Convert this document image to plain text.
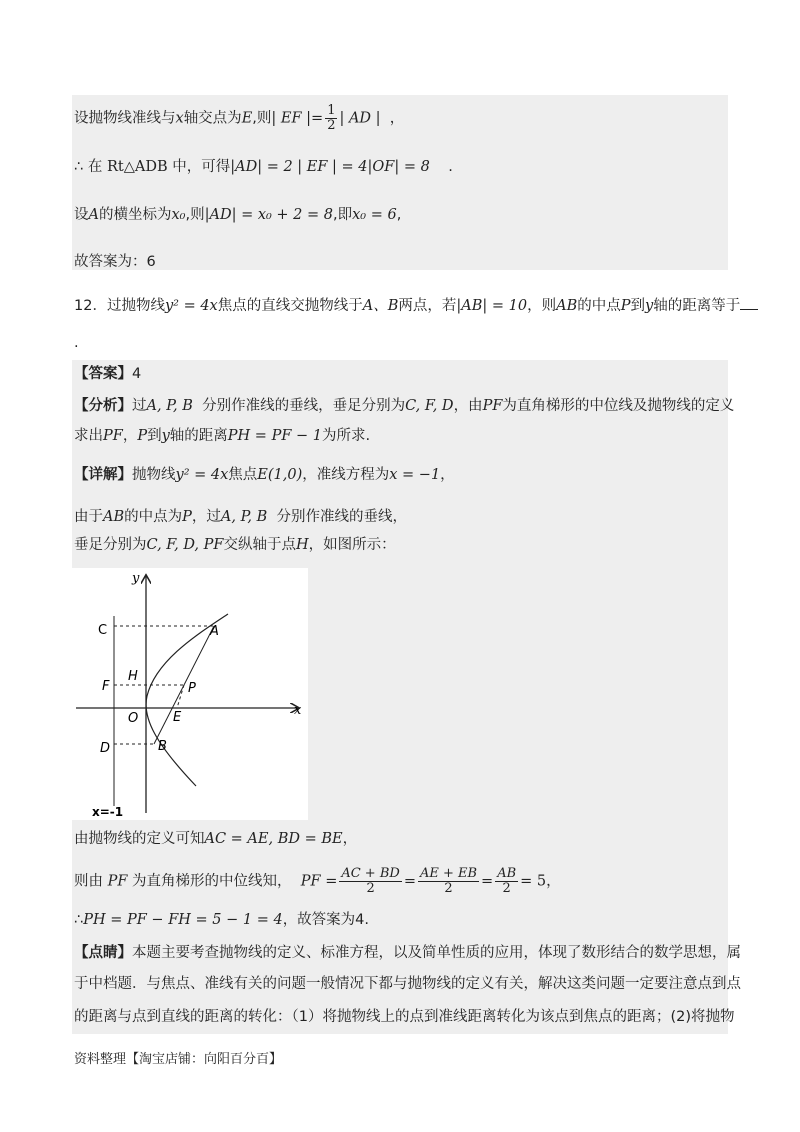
设抛物线准线与x轴交点为E,则| EF |= $\frac{1}{2}$ | AD | ，
∴ 在 Rt△ADB 中，可得|AD| = 2 | EF | = 4|OF| = 8 .
设A的横坐标为x₀,则|AD| = x₀ + 2 = 8,即x₀ = 6,
故答案为：6
12．过抛物线y² = 4x焦点的直线交抛物线于A、B两点，若|AB| = 10，则AB的中点P到y轴的距离等于
.
【答案】4
【分析】过A, P, B 分别作准线的垂线，垂足分别为C, F, D，由PF为直角梯形的中位线及抛物线的定义
求出PF，P到y轴的距离PH = PF − 1为所求.
【详解】抛物线y² = 4x焦点E(1,0)，准线方程为x = −1，
由于AB的中点为P，过A, P, B 分别作准线的垂线，
垂足分别为C, F, D, PF交纵轴于点H，如图所示：
y
x
C	A
H
F	P
O	E
D	B
x=-1
由抛物线的定义可知AC = AE, BD = BE，
则由 PF 为直角梯形的中位线知， PF = $\frac{AC + BD}{2} = \frac{AE + EB}{2} = \frac{AB}{2} = 5$，
∴PH = PF − FH = 5 − 1 = 4，故答案为4.
【点睛】本题主要考查抛物线的定义、标准方程，以及简单性质的应用，体现了数形结合的数学思想，属
于中档题．与焦点、准线有关的问题一般情况下都与抛物线的定义有关，解决这类问题一定要注意点到点
的距离与点到直线的距离的转化：（1）将抛物线上的点到准线距离转化为该点到焦点的距离；(2)将抛物
资料整理【淘宝店铺：向阳百分百】
